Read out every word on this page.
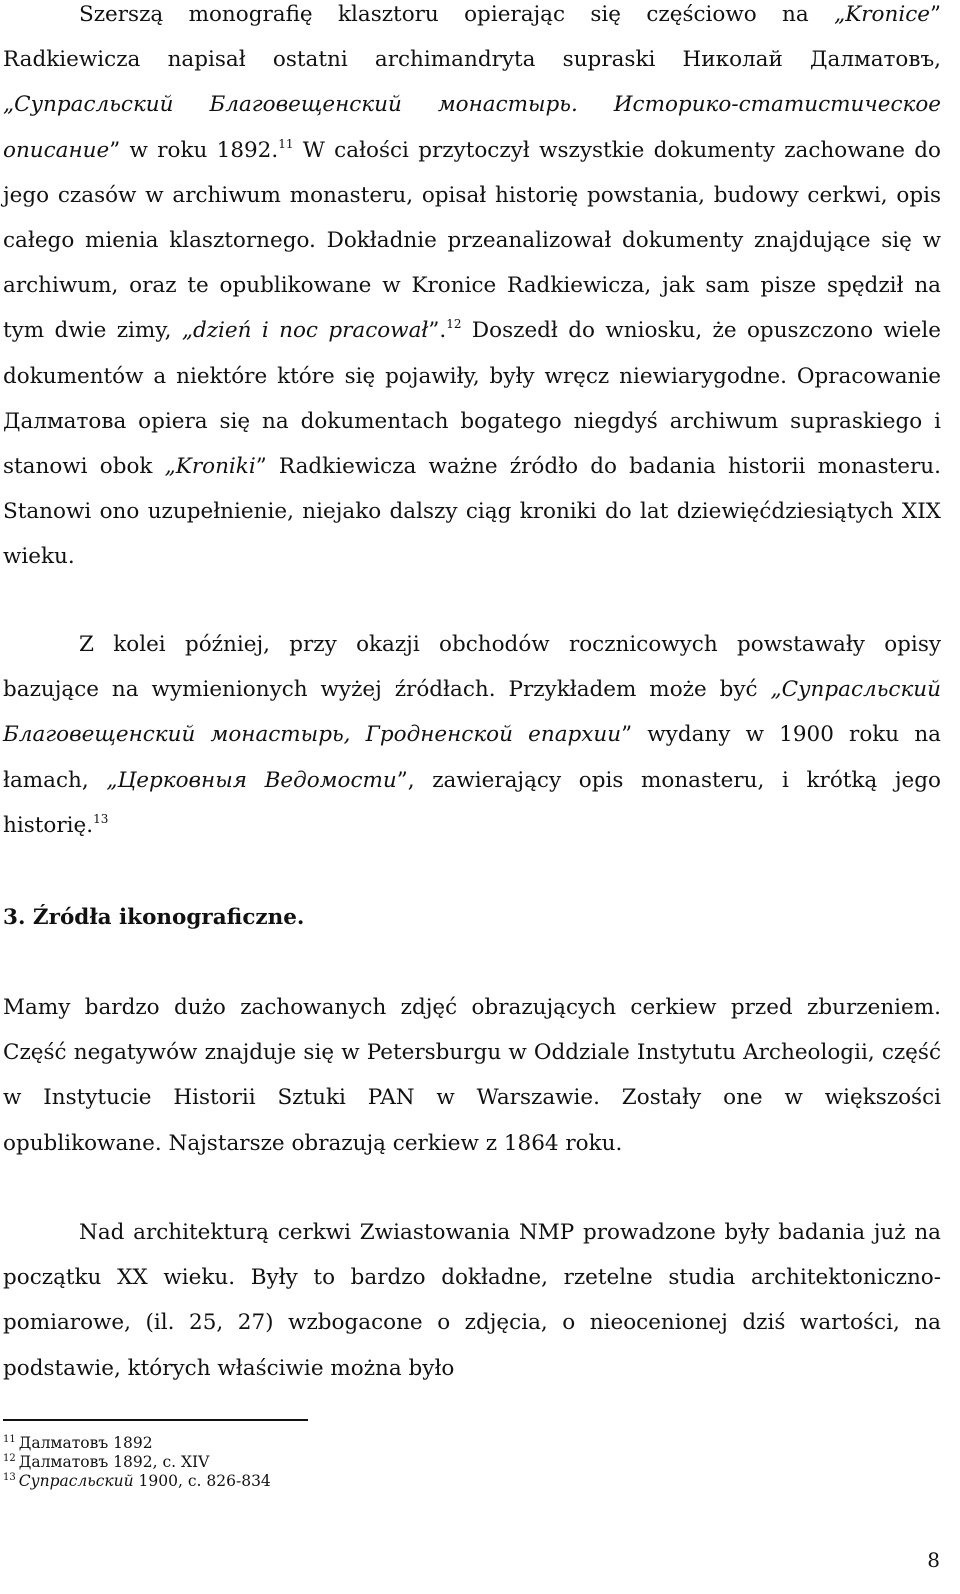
Szerszą monografię klasztoru opierając się częściowo na „Kronice” Radkiewicza napisał ostatni archimandryta supraski Николай Далматовъ, „Супрасльский Благовещенский монастырь. Историко-статистическое описание” w roku 1892.11 W całości przytoczył wszystkie dokumenty zachowane do jego czasów w archiwum monasteru, opisał historię powstania, budowy cerkwi, opis całego mienia klasztornego. Dokładnie przeanalizował dokumenty znajdujące się w archiwum, oraz te opublikowane w Kronice Radkiewicza, jak sam pisze spędził na tym dwie zimy, „dzień i noc pracował”.$^{12}$ Doszedł do wniosku, że opuszczono wiele dokumentów a niektóre które się pojawiły, były wręcz niewiarygodne. Opracowanie Далматова opiera się na dokumentach bogatego niegdyś archiwum supraskiego i stanowi obok „Kroniki” Radkiewicza ważne źródło do badania historii monasteru. Stanowi ono uzupełnienie, niejako dalszy ciąg kroniki do lat dziewięćdziesiątych XIX wieku.

Z kolei później, przy okazji obchodów rocznicowych powstawały opisy bazujące na wymienionych wyżej źródłach. Przykładem może być „Супрасльский Благовещенский монастырь, Гродненской епархии” wydany w 1900 roku na łamach, „Церковныя Ведомости”, zawierający opis monasteru, i krótką jego historię.$^{13}$

3. Źródła ikonograficzne.

Mamy bardzo dużo zachowanych zdjęć obrazujących cerkiew przed zburzeniem. Część negatywów znajduje się w Petersburgu w Oddziale Instytutu Archeologii, część w Instytucie Historii Sztuki PAN w Warszawie. Zostały one w większości opublikowane. Najstarsze obrazują cerkiew z 1864 roku.

Nad architekturą cerkwi Zwiastowania NMP prowadzone były badania już na początku XX wieku. Były to bardzo dokładne, rzetelne studia architektoniczno- pomiarowe, (il. 25, 27) wzbogacone o zdjęcia, o nieocenionej dziś wartości, na podstawie, których właściwie można było

$^{11}$ Далматовъ 1892
$^{12}$ Далматовъ 1892, с. XIV
$^{13}$ Супрасльский 1900, с. 826-834
8
